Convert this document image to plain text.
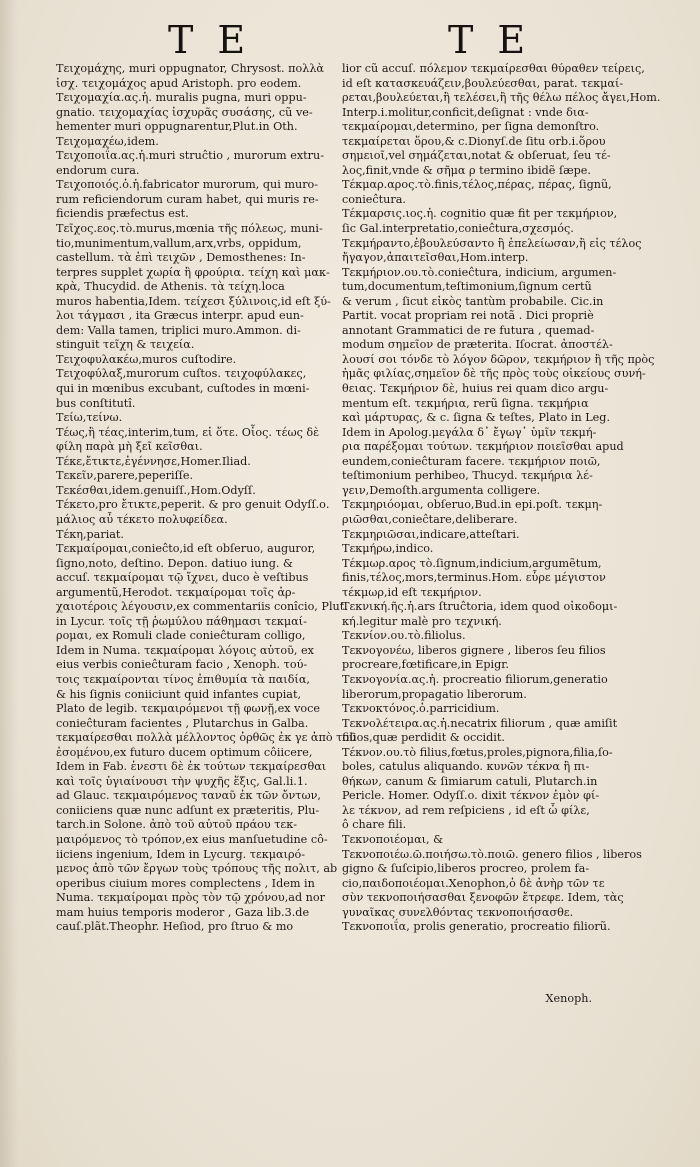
T E	T E
Τειχομάχης, muri oppugnator, Chrysost. πολλὰ
ἰσχ. τειχομάχος apud Aristoph. pro eodem.
Τειχομαχία.ας.ἡ. muralis pugna, muri oppu-
gnatio. τειχομαχίας ἰσχυρᾶς συσάσης, cũ ve-
hementer muri oppugnarentur,Plut.in Oth.
Τειχομαχέω,idem.
Τειχοποιΐα.ας.ἡ.muri struĉtio , murorum extru-
endorum cura.
Τειχοποιός.ὁ.ἡ.fabricator murorum, qui muro-
rum reficiendorum curam habet, qui muris re-
ficiendis præfectus est.
Τεῖχος.εος.τὸ.murus,mœnia τῆς πόλεως, muni-
tio,munimentum,vallum,arx,vrbs, oppidum,
castellum. τὰ ἐπὶ τειχῶν , Demosthenes: In-
terpres supplet χωρία ἢ φρούρια. τείχη καὶ μακ-
κρὰ, Thucydid. de Athenis. τὰ τείχη.loca
muros habentia,Idem. τείχεσι ξύλινοις,id eſt ξύ-
λοι τάγμασι , ita Græcus interpr. apud eun-
dem: Valla tamen, triplici muro.Ammon. di-
stinguit τεῖχη & τειχεία.
Τειχοφυλακέω,muros cuſtodire.
Τειχοφύλαξ,murorum cuſtos. τειχοφύλακες,
qui in mœnibus excubant, cuſtodes in mœni-
bus conſtitutî.
Τείω,τείνω.
Τέως,ἢ τέας,interim,tum, εἰ ὅτε. Οἷος. τέως δὲ
φίλη παρὰ μὴ ξεῖ κεῖσθαι.
Τέκε,ἔτικτε,ἐγέννησε,Homer.Iliad.
Τεκεῖν,parere,peperiſſe.
Τεκέσθαι,idem.genuiſſ.,Hom.Odyſſ.
Τέκετο,pro ἔτικτε,peperit. & pro genuit Odyſſ.ο.
μάλιος αὖ τέκετο πολυφείδεα.
Τέκη,pariat.
Τεκμαίρομαι,conieĉto,id eſt obſeruo, auguror,
ſigno,noto, deſtino. Depon. datiuo iung. &
accuſ. τεκμαίρομαι τῷ ἴχνει, duco è veſtibus
argumentũ,Herodot. τεκμαίρομαι τοῖς ἀρ-
χαιοτέροις λέγουσιν,ex commentariis conîcio, Plut.
in Lycur. τοῖς τῇ ῥωμύλου πάθημασι τεκμαί-
ρομαι, ex Romuli clade conieĉturam colligo,
Idem in Numa. τεκμαίρομαι λόγοις αὐτοῦ, ex
eius verbis conieĉturam facio , Xenoph. τού-
τοις τεκμαίρονται τίνος ἐπιθυμία τὰ παιδία,
& his ſignis coniiciunt quid infantes cupiat,
Plato de legib. τεκμαιρόμενοι τῇ φωνῇ,ex voce
conieĉturam facientes , Plutarchus in Galba.
τεκμαίρεσθαι πολλὰ μέλλοντος ὀρθῶς ἐκ γε ἀπὸ τοῦ
ἐσομένου,ex futuro ducem optimum côiicere,
Idem in Fab. ἐνεστι δὲ ἐκ τούτων τεκμαίρεσθαι
καὶ τοῖς ὑγιαίνουσι τὴν ψυχῆς ἕξις, Gal.li.1.
ad Glauc. τεκμαιρόμενος ταναῦ ἐκ τῶν ὄντων,
coniiciens quæ nunc adſunt ex præteritis, Plu-
tarch.in Solone. ἀπὸ τοῦ αὐτοῦ πράου τεκ-
μαιρόμενος τὸ τρόπον,ex eius manſuetudine cô-
iiciens ingenium, Idem in Lycurg. τεκμαιρό-
μενος ἀπὸ τῶν ἔργων τοὺς τρόπους τῆς πολιτ, ab
operibus ciuium mores complectens , Idem in
Numa. τεκμαίρομαι πρὸς τὸν τῷ χρόνου,ad nor
mam huius temporis moderor , Gaza lib.3.de
cauſ.plãt.Theophr. Heſiod, pro ſtruo & mo
lior cũ accuſ. πόλεμον τεκμαίρεσθαι θύραθεν τείρεις,
id eſt κατασκευάζειν,βουλεύεσθαι, parat. τεκμαί-
ρεται,βουλεύεται,ἢ τελέσει,ἢ τῆς θέλω πέλος ἄγει,Hom.
Interp.i.molitur,conficit,deſignat : vnde δια-
τεκμαίρομαι,determino, per ſigna demonſtro.
τεκμαίρεται ὅρου,& c.Dionyſ.de ſitu orb.i.ὅρου
σημειοῖ,vel σημάζεται,notat & obſeruat, ſeu τέ-
λος,finit,vnde & σῆμα ρ termino ibidẽ ſæpe.
Τέκμαρ.αρος.τὸ.finis,τέλος,πέρας, πέρας, ſignũ,
conieĉtura.
Τέκμαρσις.ιος.ἡ. cognitio quæ fit per τεκμήριον,
ſic Gal.interpretatio,conieĉtura,σχεσμός.
Τεκμήραντο,ἐβουλεύσαντο ἢ ἐπελείωσαν,ἢ εἰς τέλος
ἤγαγον,ἀπαιτεῖσθαι,Hom.interp.
Τεκμήριον.ου.τὸ.conieĉtura, indicium, argumen-
tum,documentum,teſtimonium,ſignum certũ
& verum , ſicut εἰκὸς tantùm probabile. Cic.in
Partit. vocat propriam rei notã . Dici propriè
annotant Grammatici de re futura , quemad-
modum σημεῖον de præterita. Iſocrat. ἀποστέλ-
λουσί σοι τόνδε τὸ λόγον δῶρον, τεκμήριον ἢ τῆς πρὸς
ἡμᾶς φιλίας,σημεῖον δὲ τῆς πρὸς τοὺς οἰκείους συνή-
θειας. Τεκμήριον δὲ, huius rei quam dico argu-
mentum eſt. τεκμήρια, rerũ ſigna. τεκμήρια
καὶ μάρτυρας, & c. ſigna & teſtes, Plato in Leg.
Idem in Apolog.μεγάλα δ᾽ ἔγωγ᾽ ὑμῖν τεκμή-
ρια παρέξομαι τούτων. τεκμήριον ποιεῖσθαι apud
eundem,conieĉturam facere. τεκμήριον ποιῶ,
teſtimonium perhibeo, Thucyd. τεκμήρια λέ-
γειν,Demoſth.argumenta colligere.
Τεκμηριόομαι, obſeruo,Bud.in epi.poſt. τεκμη-
ριῶσθαι,conieĉtare,deliberare.
Τεκμηριῶσαι,indicare,atteſtari.
Τεκμήρω,indico.
Τέκμωρ.αρος τὸ.ſignum,indicium,argumẽtum,
finis,τέλος,mors,terminus.Hom. εὗρε μέγιστον
τέκμωρ,id eſt τεκμήριον.
Τεκνική.ῆς.ἡ.ars ſtruĉtoria, idem quod οἰκοδομι-
κή.legitur malè pro τεχνική.
Τεκνίον.ου.τὸ.filiolus.
Τεκνογονέω, liberos gignere , liberos ſeu filios
procreare,fœtificare,in Epigr.
Τεκνογονία.ας.ἡ. procreatio filiorum,generatio
liberorum,propagatio liberorum.
Τεκνοκτόνος.ὁ.parricidium.
Τεκνολέτειρα.ας.ἡ.necatrix filiorum , quæ amiſit
filios,quæ perdidit & occidit.
Τέκνον.ου.τὸ filius,fœtus,proles,pignora,filia,ſo-
boles, catulus aliquando. κυνῶν τέκνα ἢ πι-
θήκων, canum & ſimiarum catuli, Plutarch.in
Pericle. Homer. Odyſſ.o. dixit τέκνον ἐμὸν φί-
λε τέκνον, ad rem reſpiciens , id eſt ὦ φίλε,
ô chare fili.
Τεκνοποιέομαι, &
Τεκνοποιέω.ῶ.ποιήσω.τὸ.ποιῶ. genero filios , liberos
gigno & ſuſcipio,liberos procreo, prolem fa-
cio,παιδοποιέομαι.Xenophon,ὁ δὲ ἀνὴρ τῶν τε
σὺν τεκνοποιήσασθαι ξενοφῶν ἔτρεφε. Idem, τὰς
γυναῖκας συνελθόντας τεκνοποιήσασθε.
Τεκνοποιΐα, prolis generatio, procreatio filiorũ.
Xenoph.
